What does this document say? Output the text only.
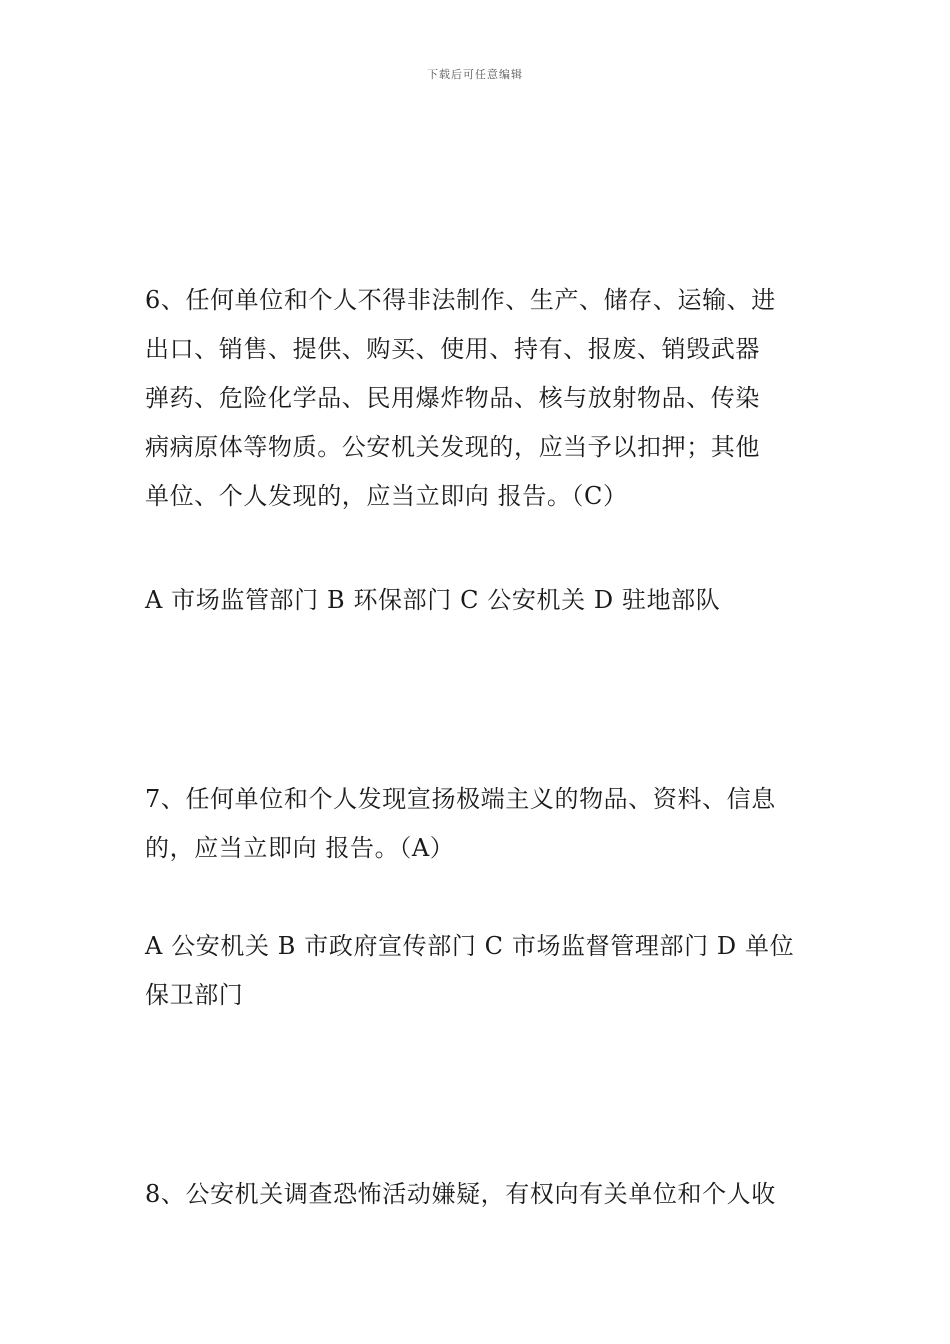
下载后可任意编辑
6、任何单位和个人不得非法制作、生产、储存、运输、进
出口、销售、提供、购买、使用、持有、报废、销毁武器
弹药、危险化学品、民用爆炸物品、核与放射物品、传染
病病原体等物质。公安机关发现的，应当予以扣押；其他
单位、个人发现的，应当立即向 报告。（C）
A 市场监管部门 B 环保部门 C 公安机关 D 驻地部队
7、任何单位和个人发现宣扬极端主义的物品、资料、信息
的，应当立即向 报告。（A）
A 公安机关 B 市政府宣传部门 C 市场监督管理部门 D 单位
保卫部门
8、公安机关调查恐怖活动嫌疑，有权向有关单位和个人收
